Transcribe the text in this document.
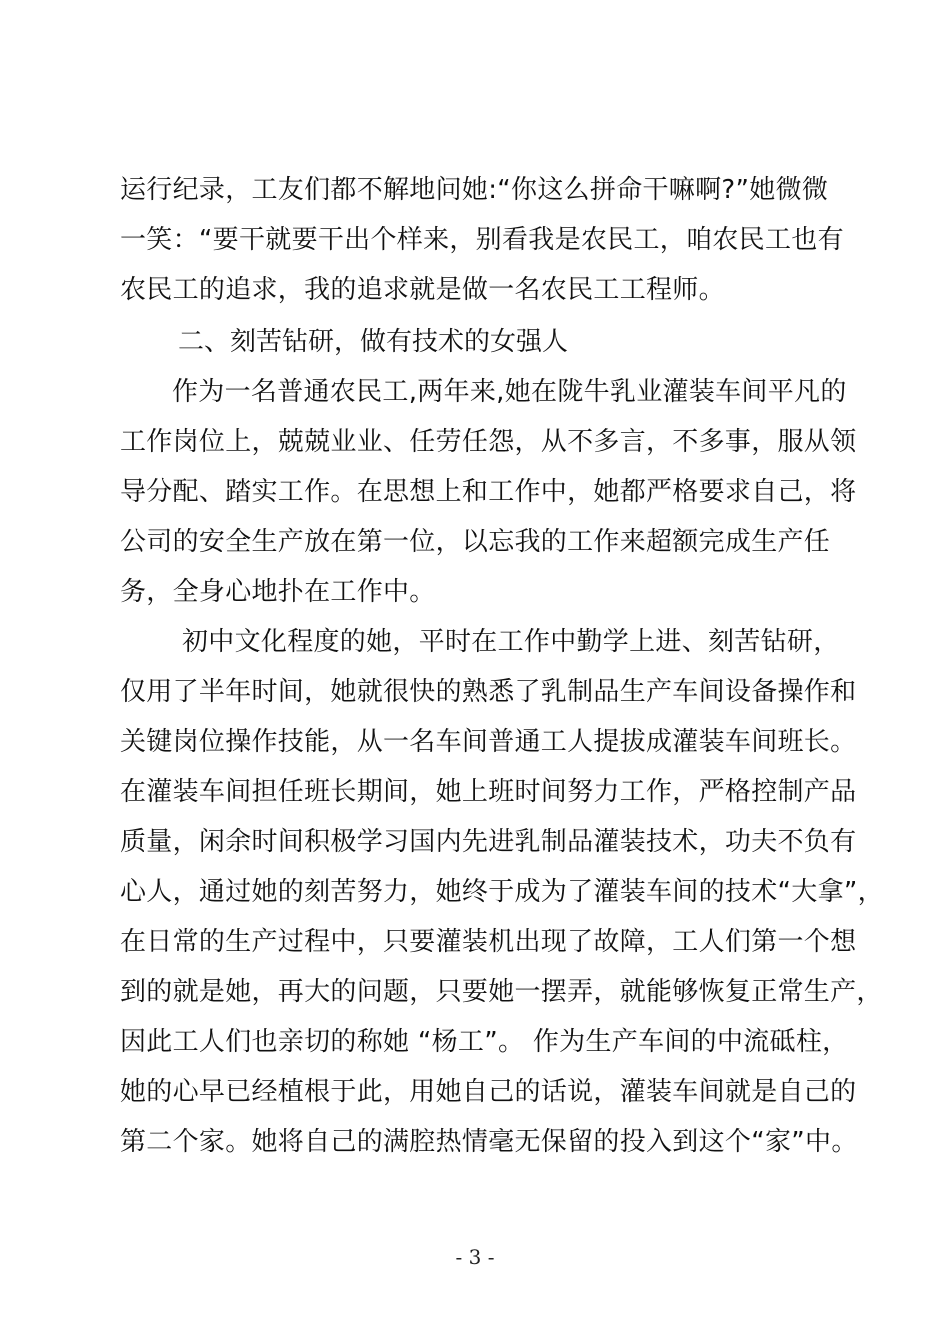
运行纪录，工友们都不解地问她:“你这么拼命干嘛啊?”她微微
一笑：“要干就要干出个样来，别看我是农民工，咱农民工也有
农民工的追求，我的追求就是做一名农民工工程师。
二、刻苦钻研，做有技术的女强人
作为一名普通农民工,两年来,她在陇牛乳业灌装车间平凡的
工作岗位上，兢兢业业、任劳任怨，从不多言，不多事，服从领
导分配、踏实工作。在思想上和工作中，她都严格要求自己，将
公司的安全生产放在第一位，以忘我的工作来超额完成生产任
务，全身心地扑在工作中。
初中文化程度的她，平时在工作中勤学上进、刻苦钻研，
仅用了半年时间，她就很快的熟悉了乳制品生产车间设备操作和
关键岗位操作技能，从一名车间普通工人提拔成灌装车间班长。
在灌装车间担任班长期间，她上班时间努力工作，严格控制产品
质量，闲余时间积极学习国内先进乳制品灌装技术，功夫不负有
心人，通过她的刻苦努力，她终于成为了灌装车间的技术“大拿”，
在日常的生产过程中，只要灌装机出现了故障，工人们第一个想
到的就是她，再大的问题，只要她一摆弄，就能够恢复正常生产，
因此工人们也亲切的称她 “杨工”。 作为生产车间的中流砥柱，
她的心早已经植根于此，用她自己的话说，灌装车间就是自己的
第二个家。她将自己的满腔热情毫无保留的投入到这个“家”中。
- 3 -
